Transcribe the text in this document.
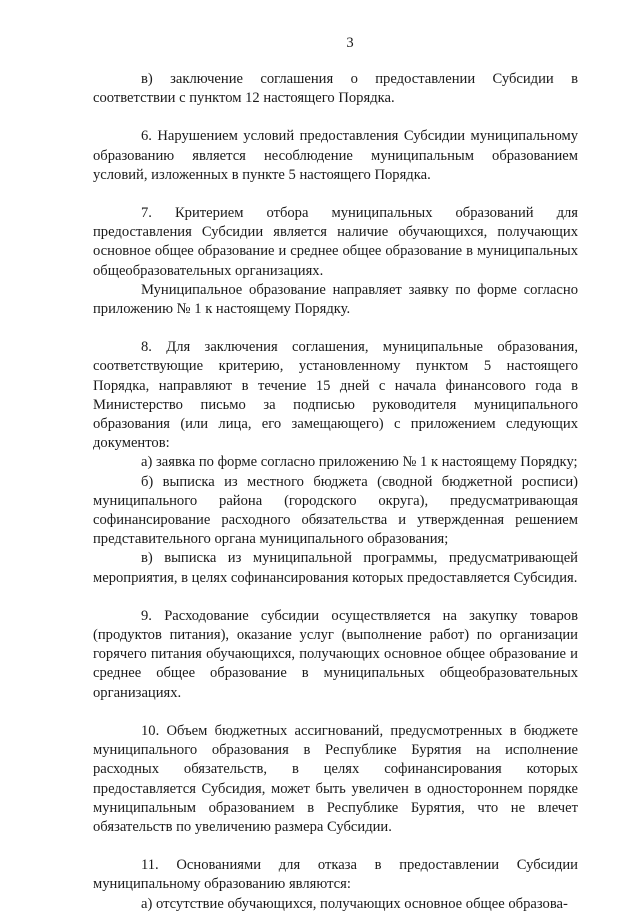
3

в) заключение соглашения о предоставлении Субсидии в соответствии с пунктом 12 настоящего Порядка.

6. Нарушением условий предоставления Субсидии муниципальному образованию является несоблюдение муниципальным образованием условий, изложенных в пункте 5 настоящего Порядка.

7. Критерием отбора муниципальных образований для предоставления Субсидии является наличие обучающихся, получающих основное общее образование и среднее общее образование в муниципальных общеобразовательных организациях.

Муниципальное образование направляет заявку по форме согласно приложению № 1 к настоящему Порядку.

8. Для заключения соглашения, муниципальные образования, соответствующие критерию, установленному пунктом 5 настоящего Порядка, направляют в течение 15 дней с начала финансового года в Министерство письмо за подписью руководителя муниципального образования (или лица, его замещающего) с приложением следующих документов:

а) заявка по форме согласно приложению № 1 к настоящему Порядку;

б) выписка из местного бюджета (сводной бюджетной росписи) муниципального района (городского округа), предусматривающая софинансирование расходного обязательства и утвержденная решением представительного органа муниципального образования;

в) выписка из муниципальной программы, предусматривающей мероприятия, в целях софинансирования которых предоставляется Субсидия.

9. Расходование субсидии осуществляется на закупку товаров (продуктов питания), оказание услуг (выполнение работ) по организации горячего питания обучающихся, получающих основное общее образование и среднее общее образование в муниципальных общеобразовательных организациях.

10. Объем бюджетных ассигнований, предусмотренных в бюджете муниципального образования в Республике Бурятия на исполнение расходных обязательств, в целях софинансирования которых предоставляется Субсидия, может быть увеличен в одностороннем порядке муниципальным образованием в Республике Бурятия, что не влечет обязательств по увеличению размера Субсидии.

11. Основаниями для отказа в предоставлении Субсидии муниципальному образованию являются:

а) отсутствие обучающихся, получающих основное общее образова-
